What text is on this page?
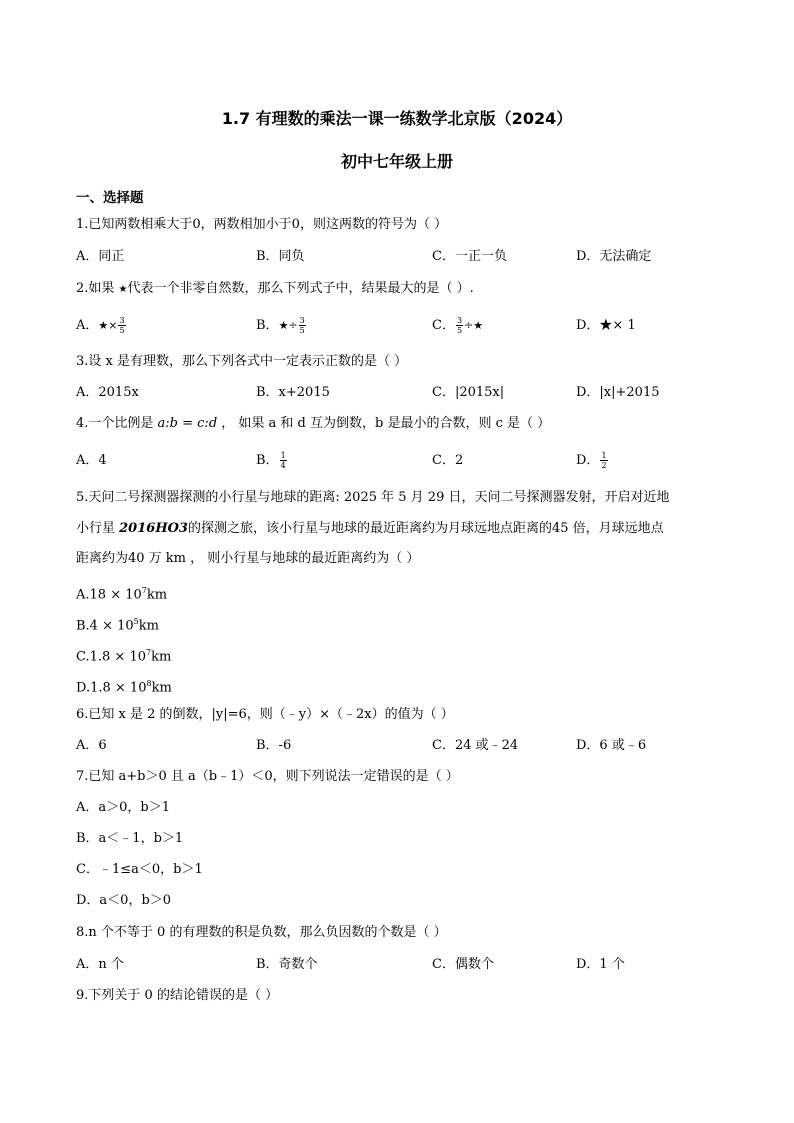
1.7 有理数的乘法一课一练数学北京版（2024）
初中七年级上册
一、选择题
1.已知两数相乘大于0，两数相加小于0，则这两数的符号为（ ）
A．同正	B．同负	C．一正一负	D．无法确定
2.如果 ★代表一个非零自然数，那么下列式子中，结果最大的是（ ）.
A．★× $\frac{3}{5}$	B．★÷ $\frac{3}{5}$	C． $\frac{3}{5}$ ÷★	D．★× 1
3.设 x 是有理数，那么下列各式中一定表示正数的是（ ）
A．2015x	B．x+2015	C．|2015x|	D．|x|+2015
4.一个比例是 a:b = c:d ， 如果 a 和 d 互为倒数，b 是最小的合数，则 c 是（ ）
A．4	B． $\frac{1}{4}$	C．2	D． $\frac{1}{2}$
5.天问二号探测器探测的小行星与地球的距离: 2025 年 5 月 29 日，天问二号探测器发射，开启对近地
小行星 2016HO3的探测之旅，该小行星与地球的最近距离约为月球远地点距离的45 倍，月球远地点
距离约为40 万 km ， 则小行星与地球的最近距离约为（ ）
$A.18 \times 10^7km$
$B.4 \times 10^5km$
$C.1.8 \times 10^7km$
$D.1.8 \times 10^8km$
6.已知 x 是 2 的倒数，|y|=6，则（﹣y）×（﹣2x）的值为（ ）
A．6	B．-6	C．24 或﹣24	D．6 或﹣6
7.已知 a+b＞0 且 a（b﹣1）＜0，则下列说法一定错误的是（ ）
A．a＞0，b＞1
B．a＜﹣1，b＞1
C．﹣1≤a＜0，b＞1
D．a＜0，b＞0
8.n 个不等于 0 的有理数的积是负数，那么负因数的个数是（ ）
A．n 个	B．奇数个	C．偶数个	D．1 个
9.下列关于 0 的结论错误的是（ ）
